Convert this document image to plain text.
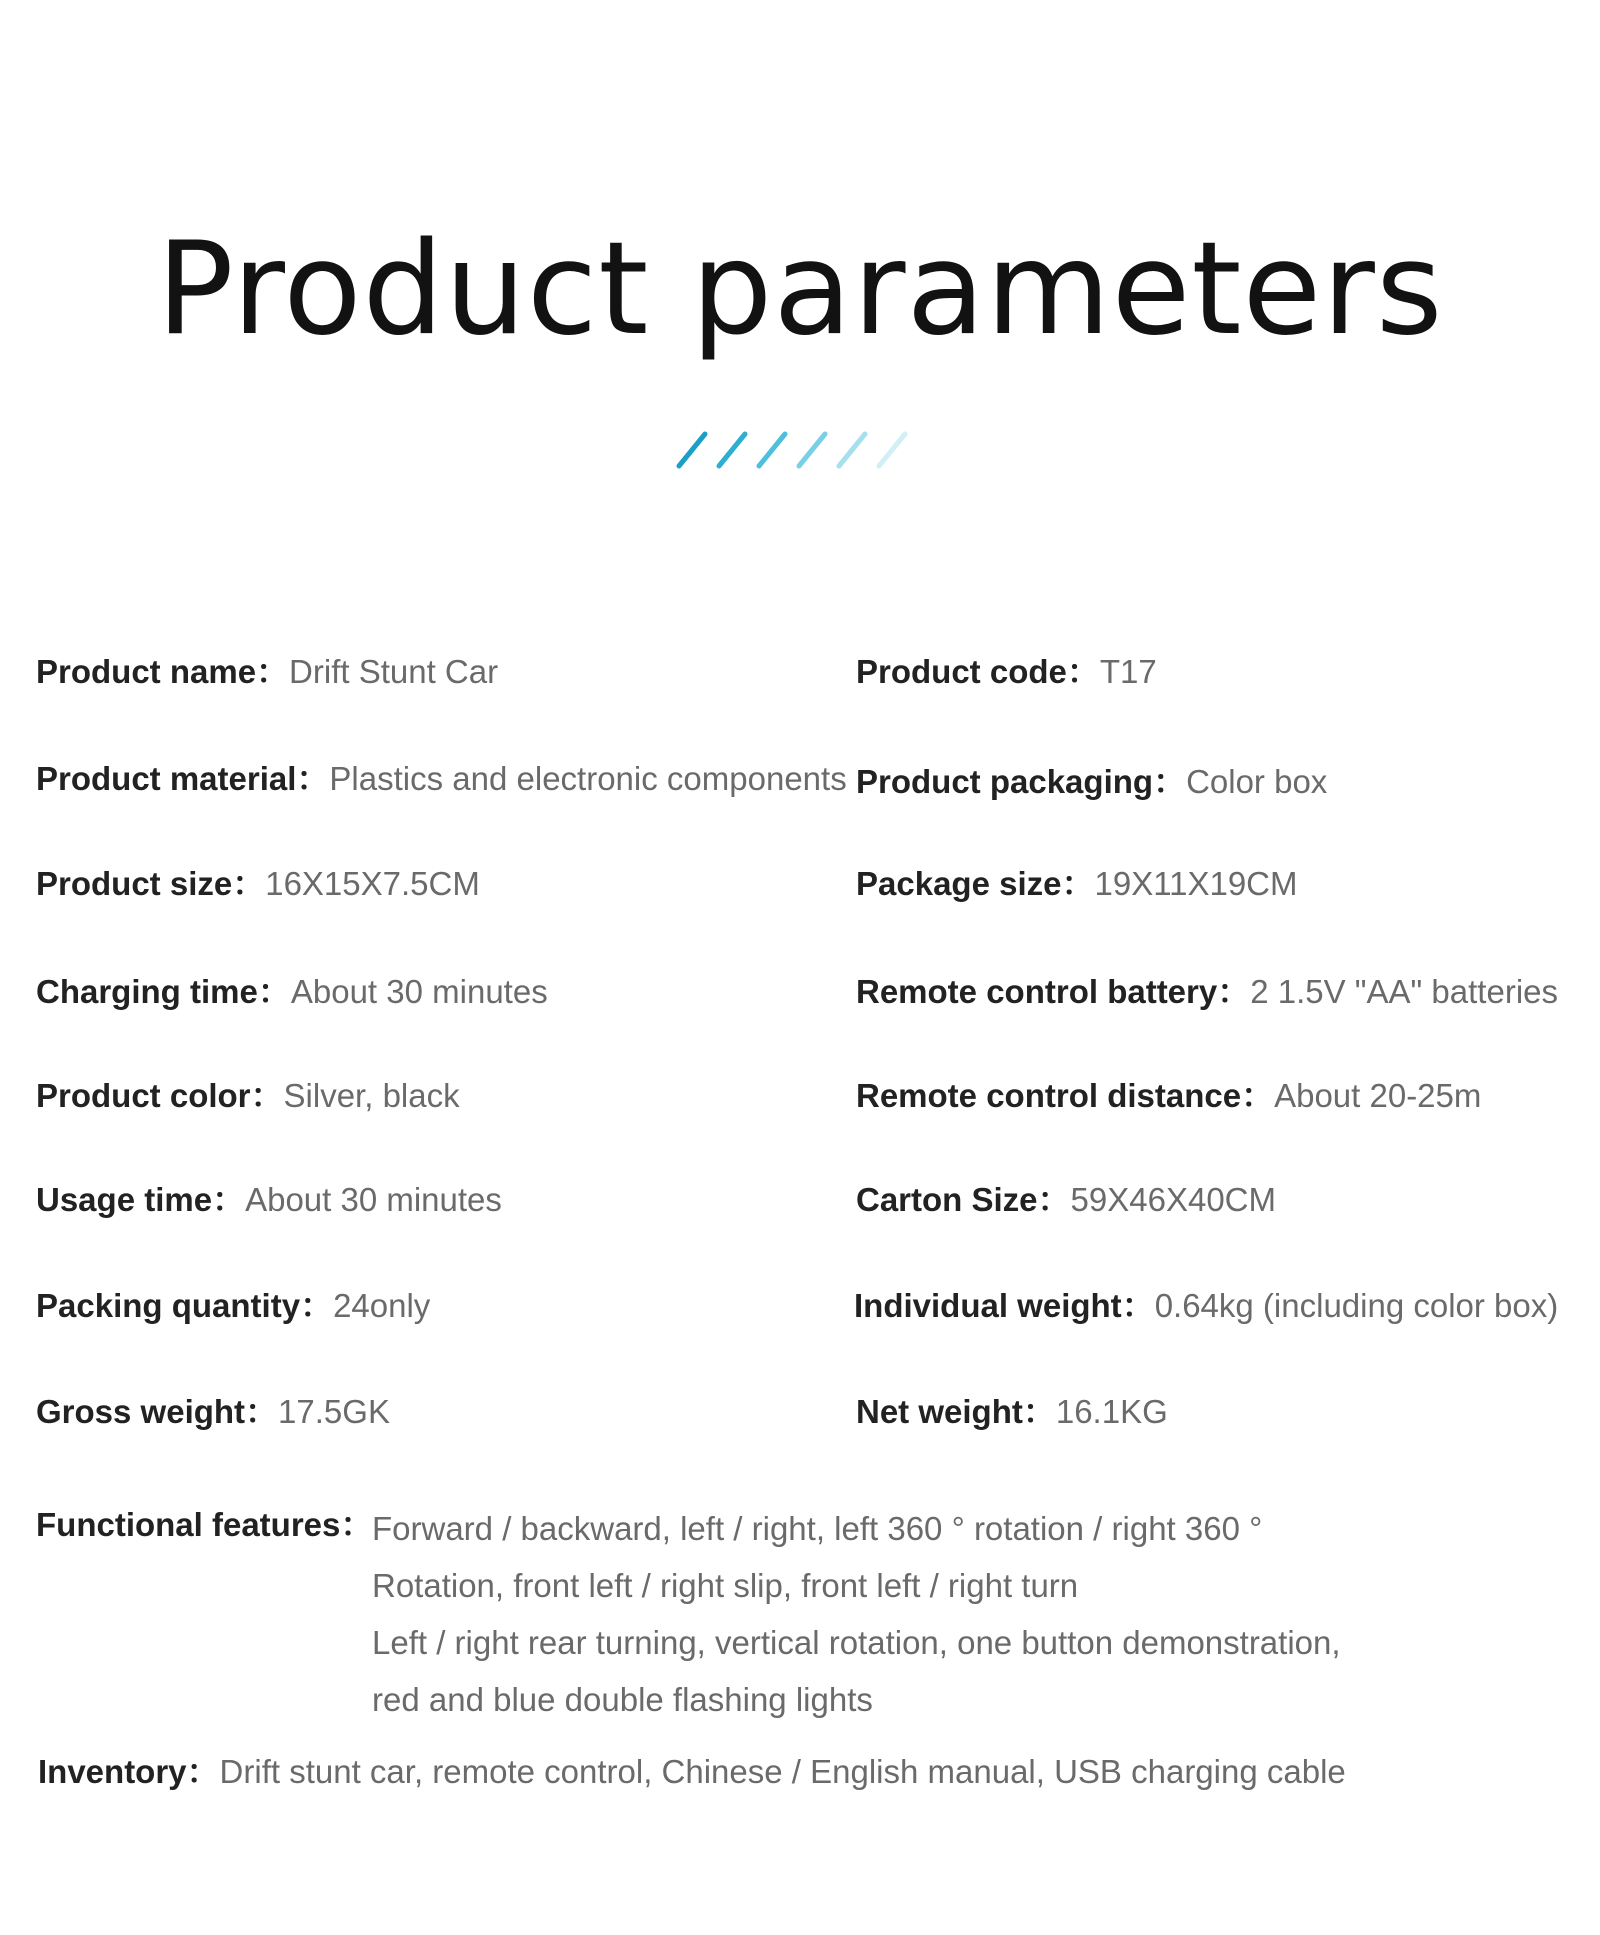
Product parameters
Product name：Drift Stunt Car
Product material：Plastics and electronic components
Product size：16X15X7.5CM
Charging time：About 30 minutes
Product color：Silver, black
Usage time：About 30 minutes
Packing quantity：24only
Gross weight：17.5GK
Product code：T17
Product packaging：Color box
Package size：19X11X19CM
Remote control battery：2 1.5V "AA" batteries
Remote control distance：About 20-25m
Carton Size：59X46X40CM
Individual weight：0.64kg (including color box)
Net weight：16.1KG
Functional features：
Forward / backward, left / right, left 360 ° rotation / right 360 °
Rotation, front left / right slip, front left / right turn
Left / right rear turning, vertical rotation, one button demonstration,
red and blue double flashing lights
Inventory：Drift stunt car, remote control, Chinese / English manual, USB charging cable
